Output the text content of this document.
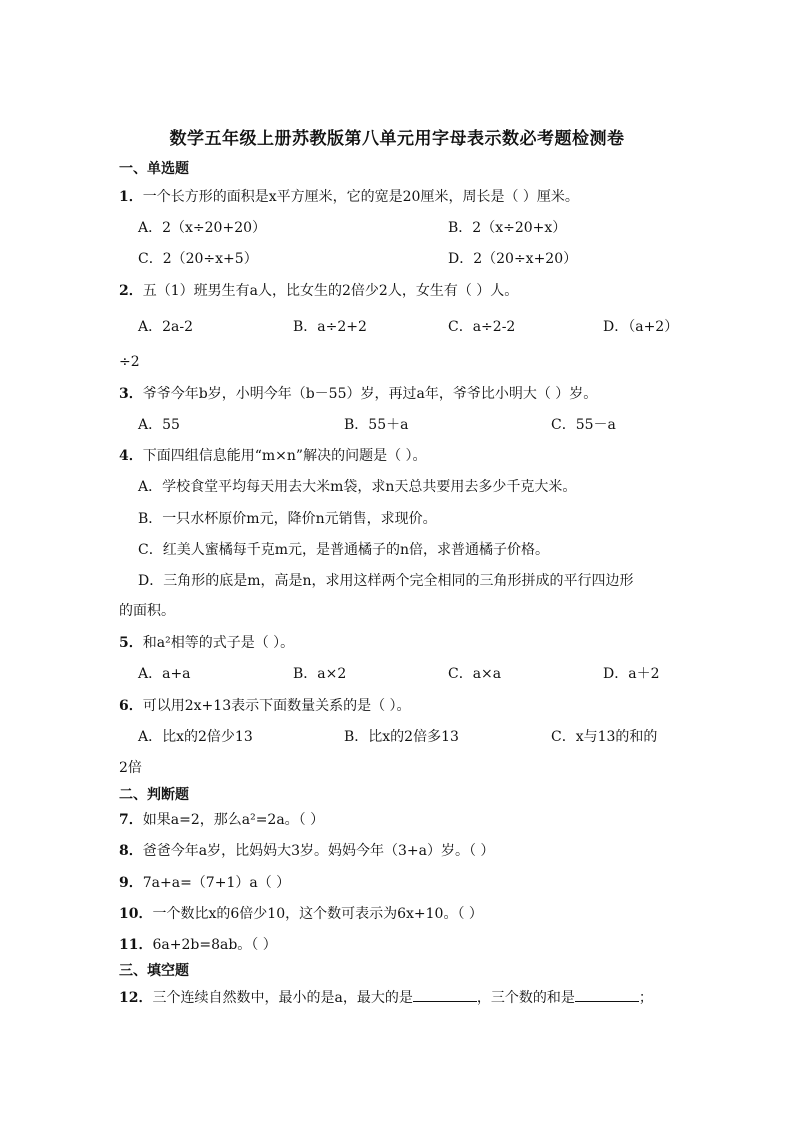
数学五年级上册苏教版第八单元用字母表示数必考题检测卷
一、单选题
1．一个长方形的面积是x平方厘米，它的宽是20厘米，周长是（ ）厘米。
A．2（x÷20+20）	B．2（x÷20+x）
C．2（20÷x+5）	D．2（20÷x+20）
2．五（1）班男生有a人，比女生的2倍少2人，女生有（ ）人。
A．2a-2	B．a÷2+2	C．a÷2-2	D．（a+2）
÷2
3．爷爷今年b岁，小明今年（b－55）岁，再过a年，爷爷比小明大（ ）岁。
A．55	B．55＋a	C．55－a
4．下面四组信息能用“m×n”解决的问题是（ ）。
A．学校食堂平均每天用去大米m袋，求n天总共要用去多少千克大米。
B．一只水杯原价m元，降价n元销售，求现价。
C．红美人蜜橘每千克m元，是普通橘子的n倍，求普通橘子价格。
D．三角形的底是m，高是n，求用这样两个完全相同的三角形拼成的平行四边形
的面积。
5．和a²相等的式子是（ ）。
A．a+a	B．a×2	C．a×a	D．a＋2
6．可以用2x+13表示下面数量关系的是（ ）。
A．比x的2倍少13	B．比x的2倍多13	C．x与13的和的
2倍
二、判断题
7．如果a=2，那么a²=2a。（ ）
8．爸爸今年a岁，比妈妈大3岁。妈妈今年（3+a）岁。（ ）
9．7a+a=（7+1）a（ ）
10．一个数比x的6倍少10，这个数可表示为6x+10。（ ）
11．6a+2b=8ab。（ ）
三、填空题
12．三个连续自然数中，最小的是a，最大的是	，三个数的和是	；
